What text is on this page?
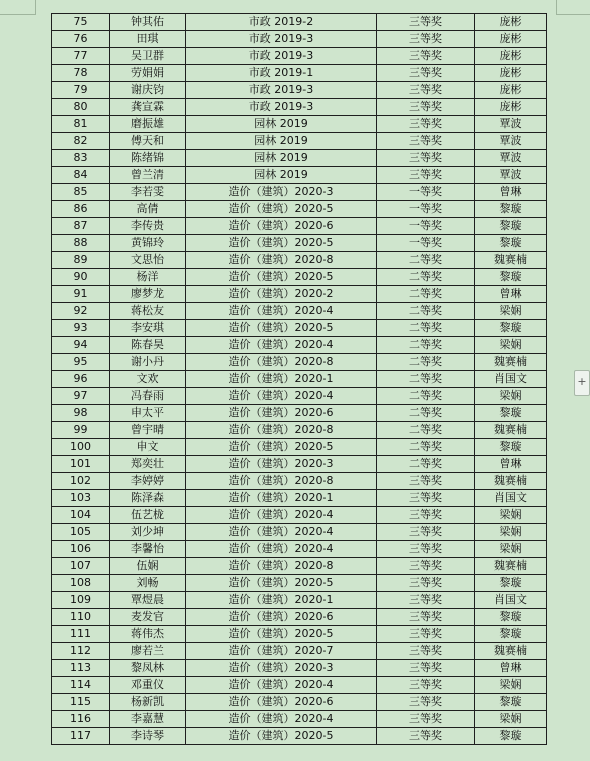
75	钟其佑	市政 2019-2	三等奖	庞彬
76	田琪	市政 2019-3	三等奖	庞彬
77	吴卫群	市政 2019-3	三等奖	庞彬
78	劳娟娟	市政 2019-1	三等奖	庞彬
79	谢庆钧	市政 2019-3	三等奖	庞彬
80	龚宣霖	市政 2019-3	三等奖	庞彬
81	磨振雄	园林 2019	三等奖	覃波
82	傅天和	园林 2019	三等奖	覃波
83	陈绪锦	园林 2019	三等奖	覃波
84	曾兰清	园林 2019	三等奖	覃波
85	李若雯	造价（建筑）2020-3	一等奖	曾琳
86	高倩	造价（建筑）2020-5	一等奖	黎璇
87	李传贵	造价（建筑）2020-6	一等奖	黎璇
88	黄锦玲	造价（建筑）2020-5	一等奖	黎璇
89	文思怡	造价（建筑）2020-8	二等奖	魏赛楠
90	杨洋	造价（建筑）2020-5	二等奖	黎璇
91	廖梦龙	造价（建筑）2020-2	二等奖	曾琳
92	蒋松友	造价（建筑）2020-4	二等奖	梁娴
93	李安琪	造价（建筑）2020-5	二等奖	黎璇
94	陈春昊	造价（建筑）2020-4	二等奖	梁娴
95	谢小丹	造价（建筑）2020-8	二等奖	魏赛楠
96	文欢	造价（建筑）2020-1	二等奖	肖国文
97	冯春雨	造价（建筑）2020-4	二等奖	梁娴
98	申太平	造价（建筑）2020-6	二等奖	黎璇
99	曾宇晴	造价（建筑）2020-8	二等奖	魏赛楠
100	申文	造价（建筑）2020-5	二等奖	黎璇
101	郑奕壮	造价（建筑）2020-3	二等奖	曾琳
102	李婷婷	造价（建筑）2020-8	三等奖	魏赛楠
103	陈泽森	造价（建筑）2020-1	三等奖	肖国文
104	伍艺栊	造价（建筑）2020-4	三等奖	梁娴
105	刘少坤	造价（建筑）2020-4	三等奖	梁娴
106	李馨怡	造价（建筑）2020-4	三等奖	梁娴
107	伍娴	造价（建筑）2020-8	三等奖	魏赛楠
108	刘畅	造价（建筑）2020-5	三等奖	黎璇
109	覃煜晨	造价（建筑）2020-1	三等奖	肖国文
110	麦发官	造价（建筑）2020-6	三等奖	黎璇
111	蒋伟杰	造价（建筑）2020-5	三等奖	黎璇
112	廖若兰	造价（建筑）2020-7	三等奖	魏赛楠
113	黎凤林	造价（建筑）2020-3	三等奖	曾琳
114	邓重仪	造价（建筑）2020-4	三等奖	梁娴
115	杨新凯	造价（建筑）2020-6	三等奖	黎璇
116	李嘉慧	造价（建筑）2020-4	三等奖	梁娴
117	李诗琴	造价（建筑）2020-5	三等奖	黎璇
+
